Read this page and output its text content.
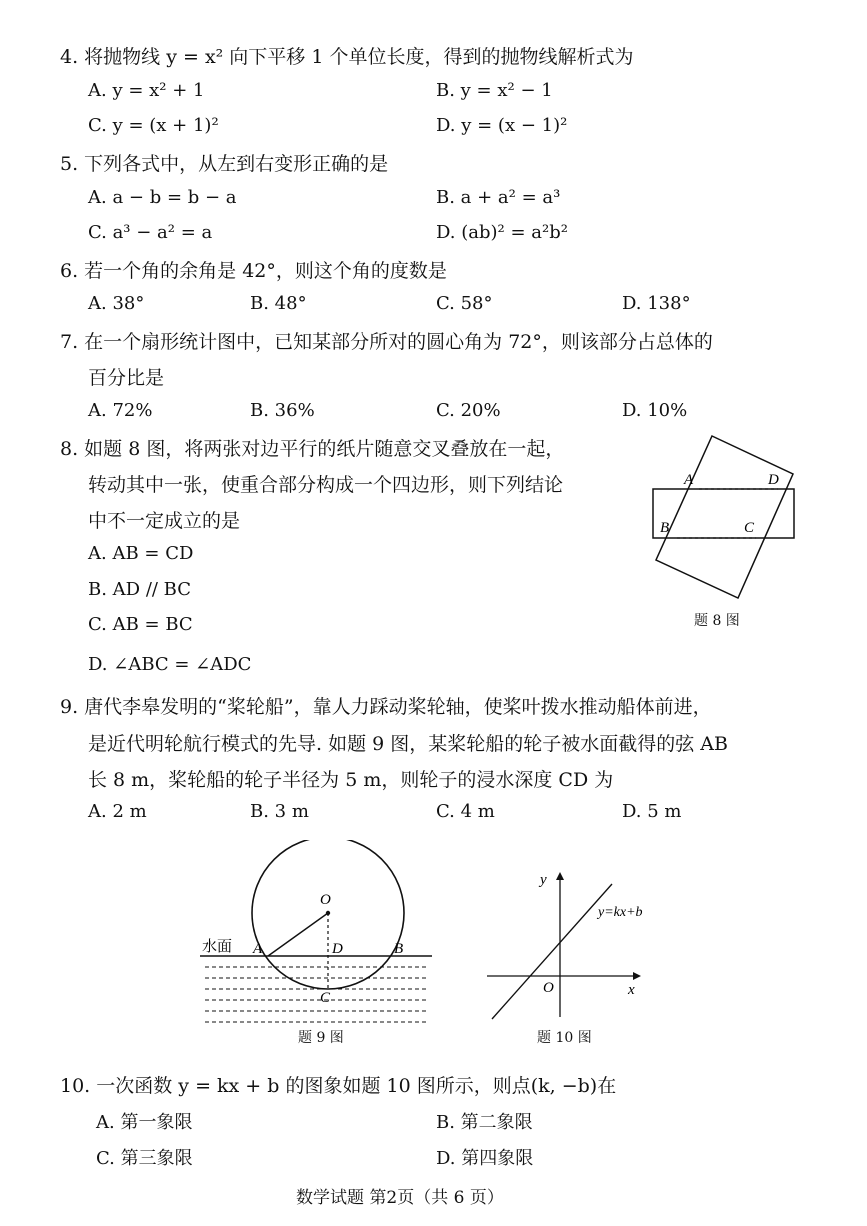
4. 将抛物线 y = x² 向下平移 1 个单位长度，得到的抛物线解析式为
A. y = x² + 1	B. y = x² − 1
C. y = (x + 1)²	D. y = (x − 1)²
5. 下列各式中，从左到右变形正确的是
A. a − b = b − a	B. a + a² = a³
C. a³ − a² = a	D. (ab)² = a²b²
6. 若一个角的余角是 42°，则这个角的度数是
A. 38°	B. 48°	C. 58°	D. 138°
7. 在一个扇形统计图中，已知某部分所对的圆心角为 72°，则该部分占总体的
百分比是
A. 72%	B. 36%	C. 20%	D. 10%
8. 如题 8 图，将两张对边平行的纸片随意交叉叠放在一起，
转动其中一张，使重合部分构成一个四边形，则下列结论
中不一定成立的是
A. AB = CD
B. AD // BC
C. AB = BC
D. ∠ABC = ∠ADC
A	D
B	C
题 8 图
9. 唐代李皋发明的“桨轮船”，靠人力踩动桨轮轴，使桨叶拨水推动船体前进，
是近代明轮航行模式的先导. 如题 9 图，某桨轮船的轮子被水面截得的弦 AB
长 8 m，桨轮船的轮子半径为 5 m，则轮子的浸水深度 CD 为
A. 2 m	B. 3 m	C. 4 m	D. 5 m
O
A	D	B
C
水面
题 9 图
y
x
O
y=kx+b
题 10 图
10. 一次函数 y = kx + b 的图象如题 10 图所示，则点(k, −b)在
A. 第一象限	B. 第二象限
C. 第三象限	D. 第四象限
数学试题 第2页（共 6 页）
